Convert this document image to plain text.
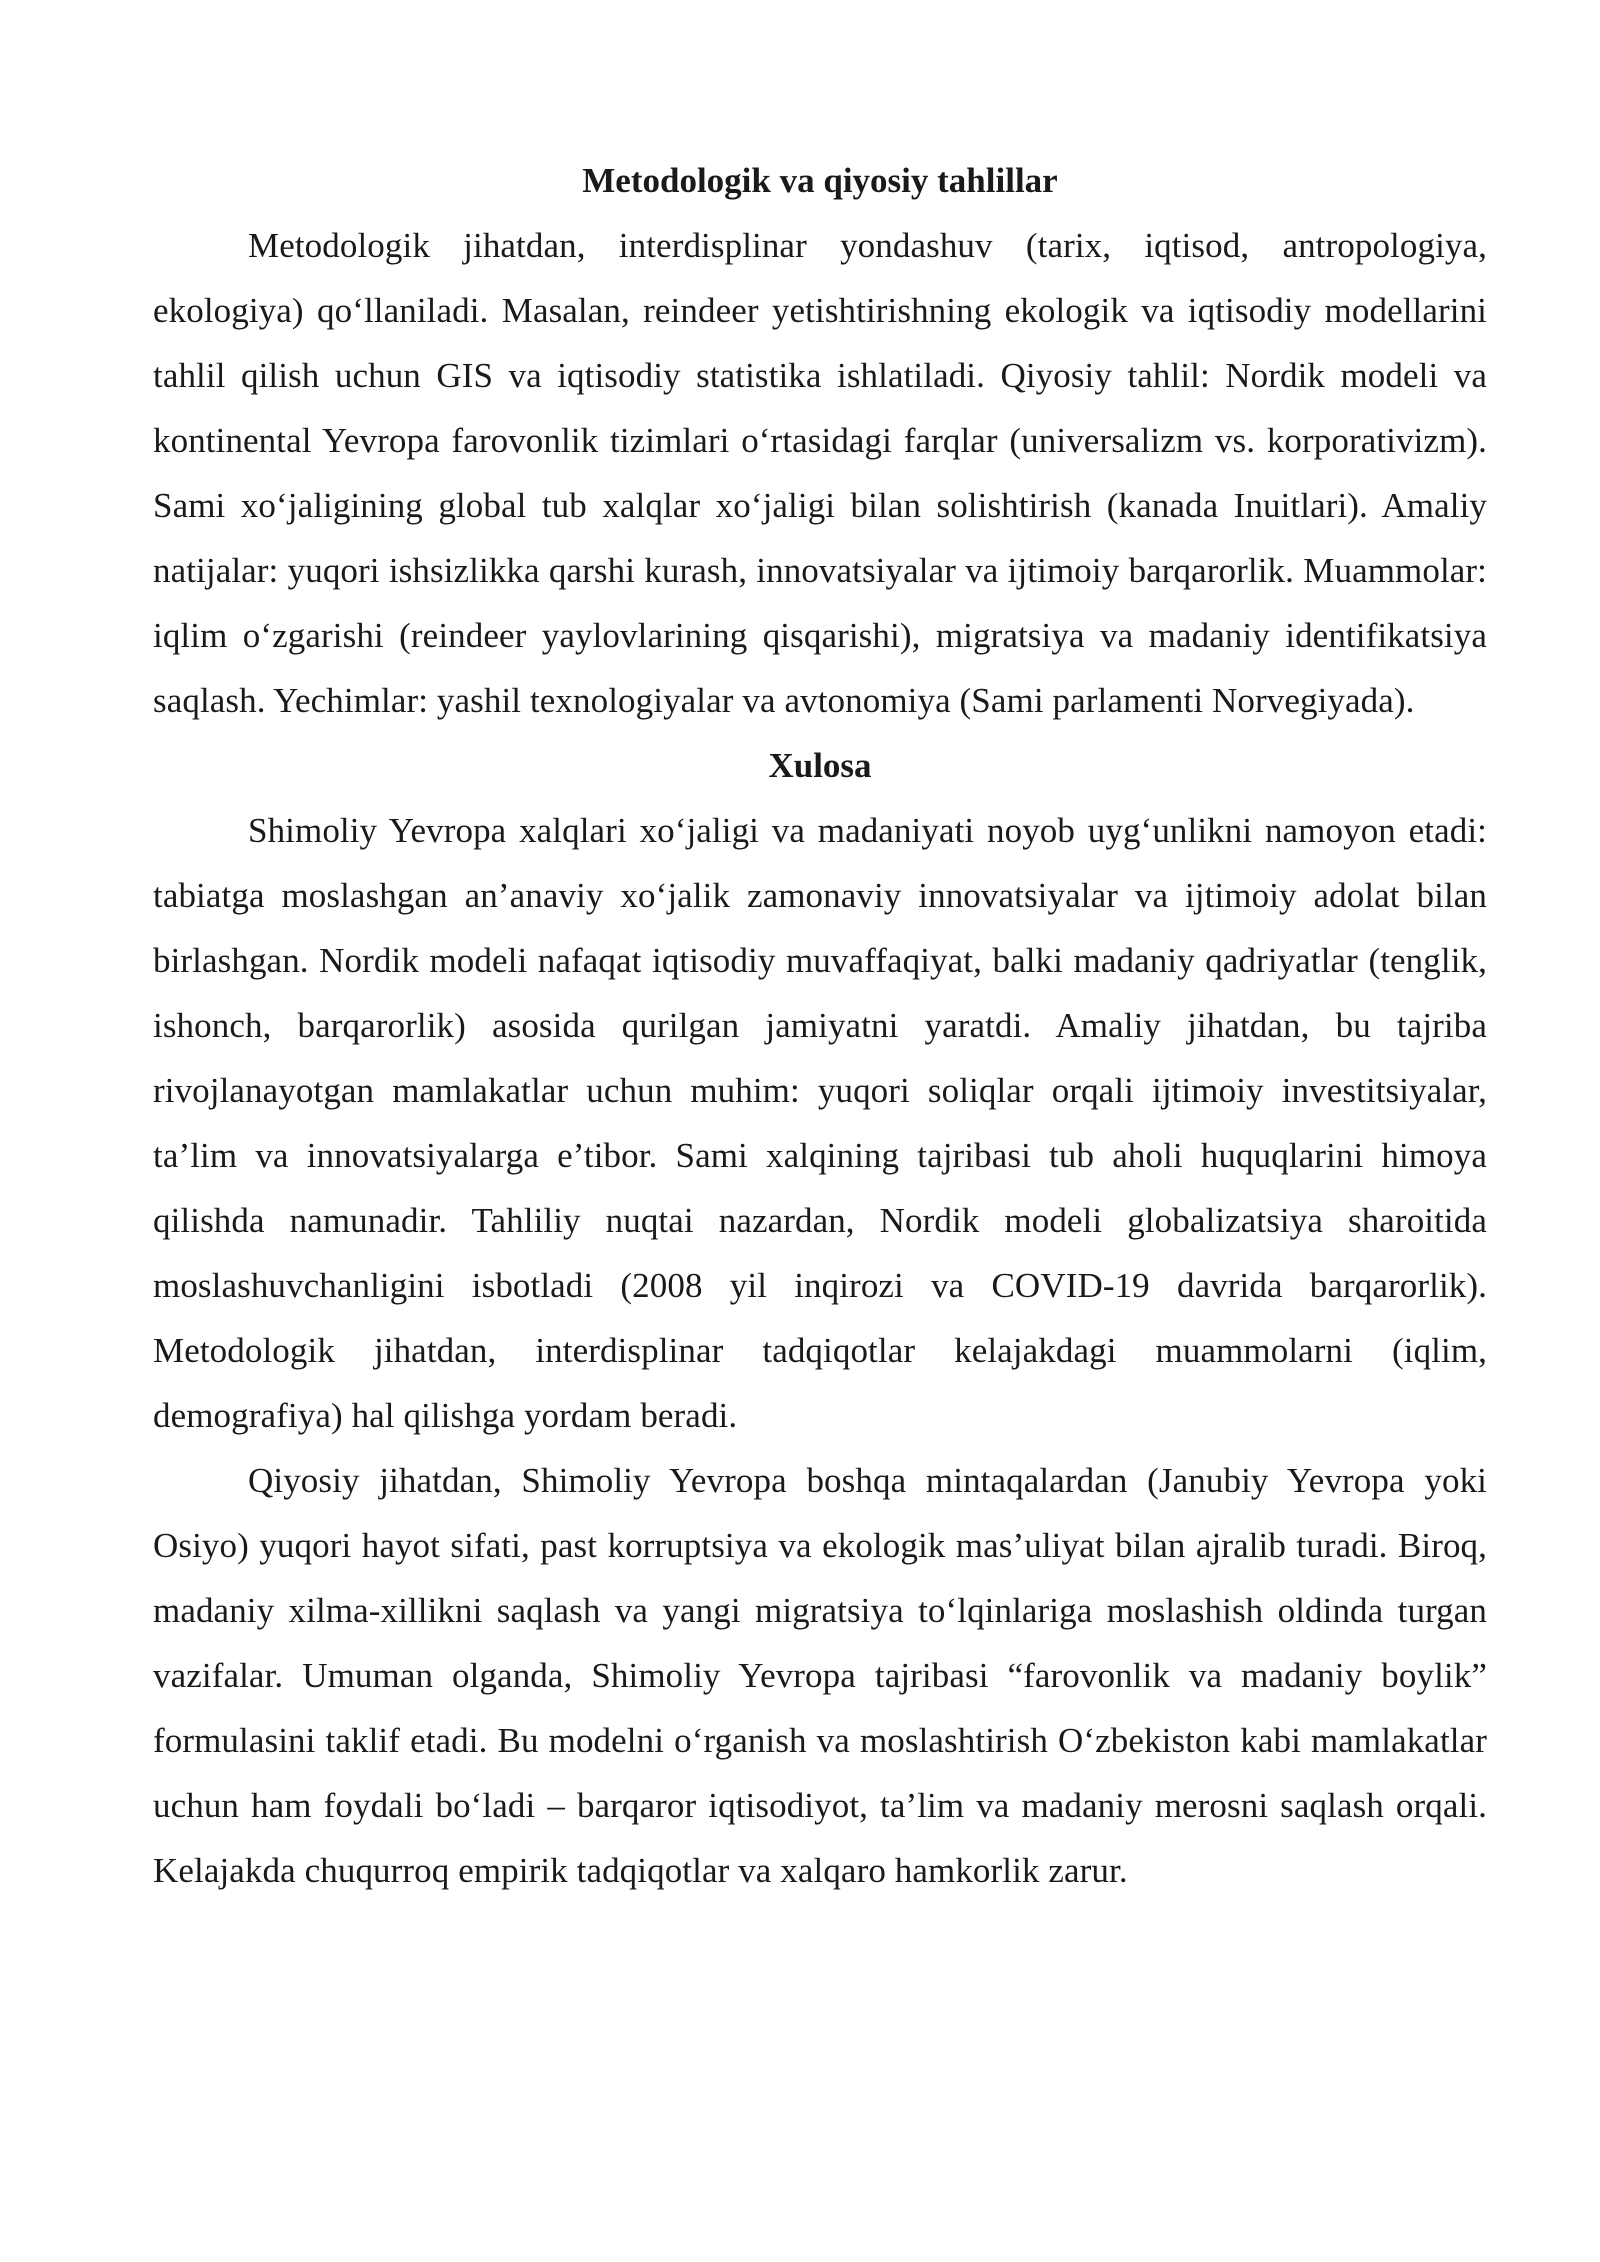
Metodologik va qiyosiy tahlillar

Metodologik jihatdan, interdisplinar yondashuv (tarix, iqtisod, antropologiya, ekologiya) qo‘llaniladi. Masalan, reindeer yetishtirishning ekologik va iqtisodiy modellarini tahlil qilish uchun GIS va iqtisodiy statistika ishlatiladi. Qiyosiy tahlil: Nordik modeli va kontinental Yevropa farovonlik tizimlari o‘rtasidagi farqlar (universalizm vs. korporativizm). Sami xo‘jaligining global tub xalqlar xo‘jaligi bilan solishtirish (kanada Inuitlari). Amaliy natijalar: yuqori ishsizlikka qarshi kurash, innovatsiyalar va ijtimoiy barqarorlik. Muammolar: iqlim o‘zgarishi (reindeer yaylovlarining qisqarishi), migratsiya va madaniy identifikatsiya saqlash. Yechimlar: yashil texnologiyalar va avtonomiya (Sami parlamenti Norvegiyada).

Xulosa

Shimoliy Yevropa xalqlari xo‘jaligi va madaniyati noyob uyg‘unlikni namoyon etadi: tabiatga moslashgan an’anaviy xo‘jalik zamonaviy innovatsiyalar va ijtimoiy adolat bilan birlashgan. Nordik modeli nafaqat iqtisodiy muvaffaqiyat, balki madaniy qadriyatlar (tenglik, ishonch, barqarorlik) asosida qurilgan jamiyatni yaratdi. Amaliy jihatdan, bu tajriba rivojlanayotgan mamlakatlar uchun muhim: yuqori soliqlar orqali ijtimoiy investitsiyalar, ta’lim va innovatsiyalarga e’tibor. Sami xalqining tajribasi tub aholi huquqlarini himoya qilishda namunadir. Tahliliy nuqtai nazardan, Nordik modeli globalizatsiya sharoitida moslashuvchanligini isbotladi (2008 yil inqirozi va COVID-19 davrida barqarorlik). Metodologik jihatdan, interdisplinar tadqiqotlar kelajakdagi muammolarni (iqlim, demografiya) hal qilishga yordam beradi.

Qiyosiy jihatdan, Shimoliy Yevropa boshqa mintaqalardan (Janubiy Yevropa yoki Osiyo) yuqori hayot sifati, past korruptsiya va ekologik mas’uliyat bilan ajralib turadi. Biroq, madaniy xilma-xillikni saqlash va yangi migratsiya to‘lqinlariga moslashish oldinda turgan vazifalar. Umuman olganda, Shimoliy Yevropa tajribasi “farovonlik va madaniy boylik” formulasini taklif etadi. Bu modelni o‘rganish va moslashtirish O‘zbekiston kabi mamlakatlar uchun ham foydali bo‘ladi – barqaror iqtisodiyot, ta’lim va madaniy merosni saqlash orqali. Kelajakda chuqurroq empirik tadqiqotlar va xalqaro hamkorlik zarur.
